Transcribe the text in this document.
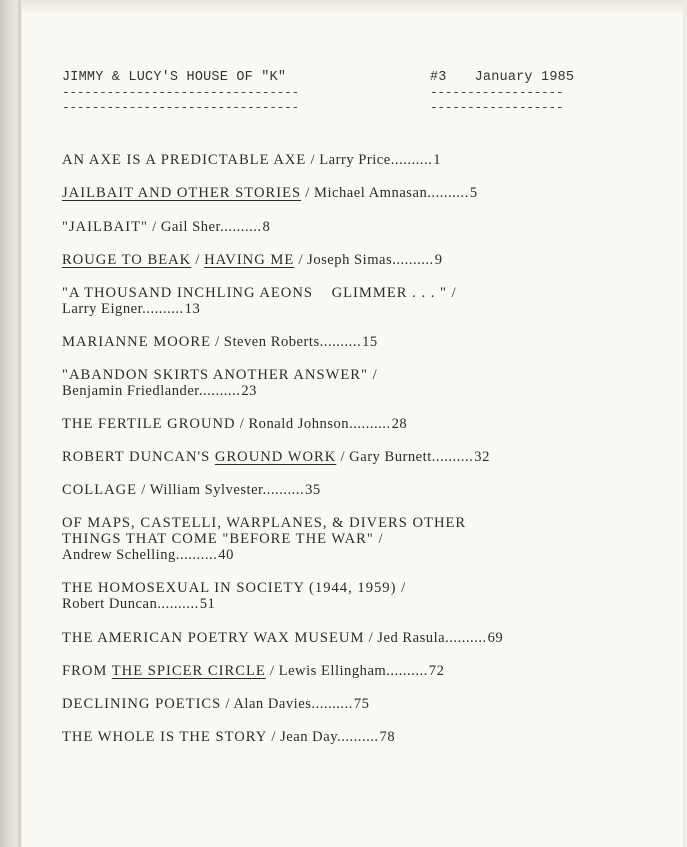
JIMMY & LUCY'S HOUSE OF "K"
--------------------------------
--------------------------------
#3 January 1985
------------------
------------------
AN AXE IS A PREDICTABLE AXE / Larry Price..........1
JAILBAIT AND OTHER STORIES / Michael Amnasan..........5
"JAILBAIT" / Gail Sher..........8
ROUGE TO BEAK / HAVING ME / Joseph Simas..........9
"A THOUSAND INCHLING AEONS    GLIMMER . . . " /
Larry Eigner..........13
MARIANNE MOORE / Steven Roberts..........15
"ABANDON SKIRTS ANOTHER ANSWER" /
Benjamin Friedlander..........23
THE FERTILE GROUND / Ronald Johnson..........28
ROBERT DUNCAN'S GROUND WORK / Gary Burnett..........32
COLLAGE / William Sylvester..........35
OF MAPS, CASTELLI, WARPLANES, & DIVERS OTHER
THINGS THAT COME "BEFORE THE WAR" /
Andrew Schelling..........40
THE HOMOSEXUAL IN SOCIETY (1944, 1959) /
Robert Duncan..........51
THE AMERICAN POETRY WAX MUSEUM / Jed Rasula..........69
FROM THE SPICER CIRCLE / Lewis Ellingham..........72
DECLINING POETICS / Alan Davies..........75
THE WHOLE IS THE STORY / Jean Day..........78
